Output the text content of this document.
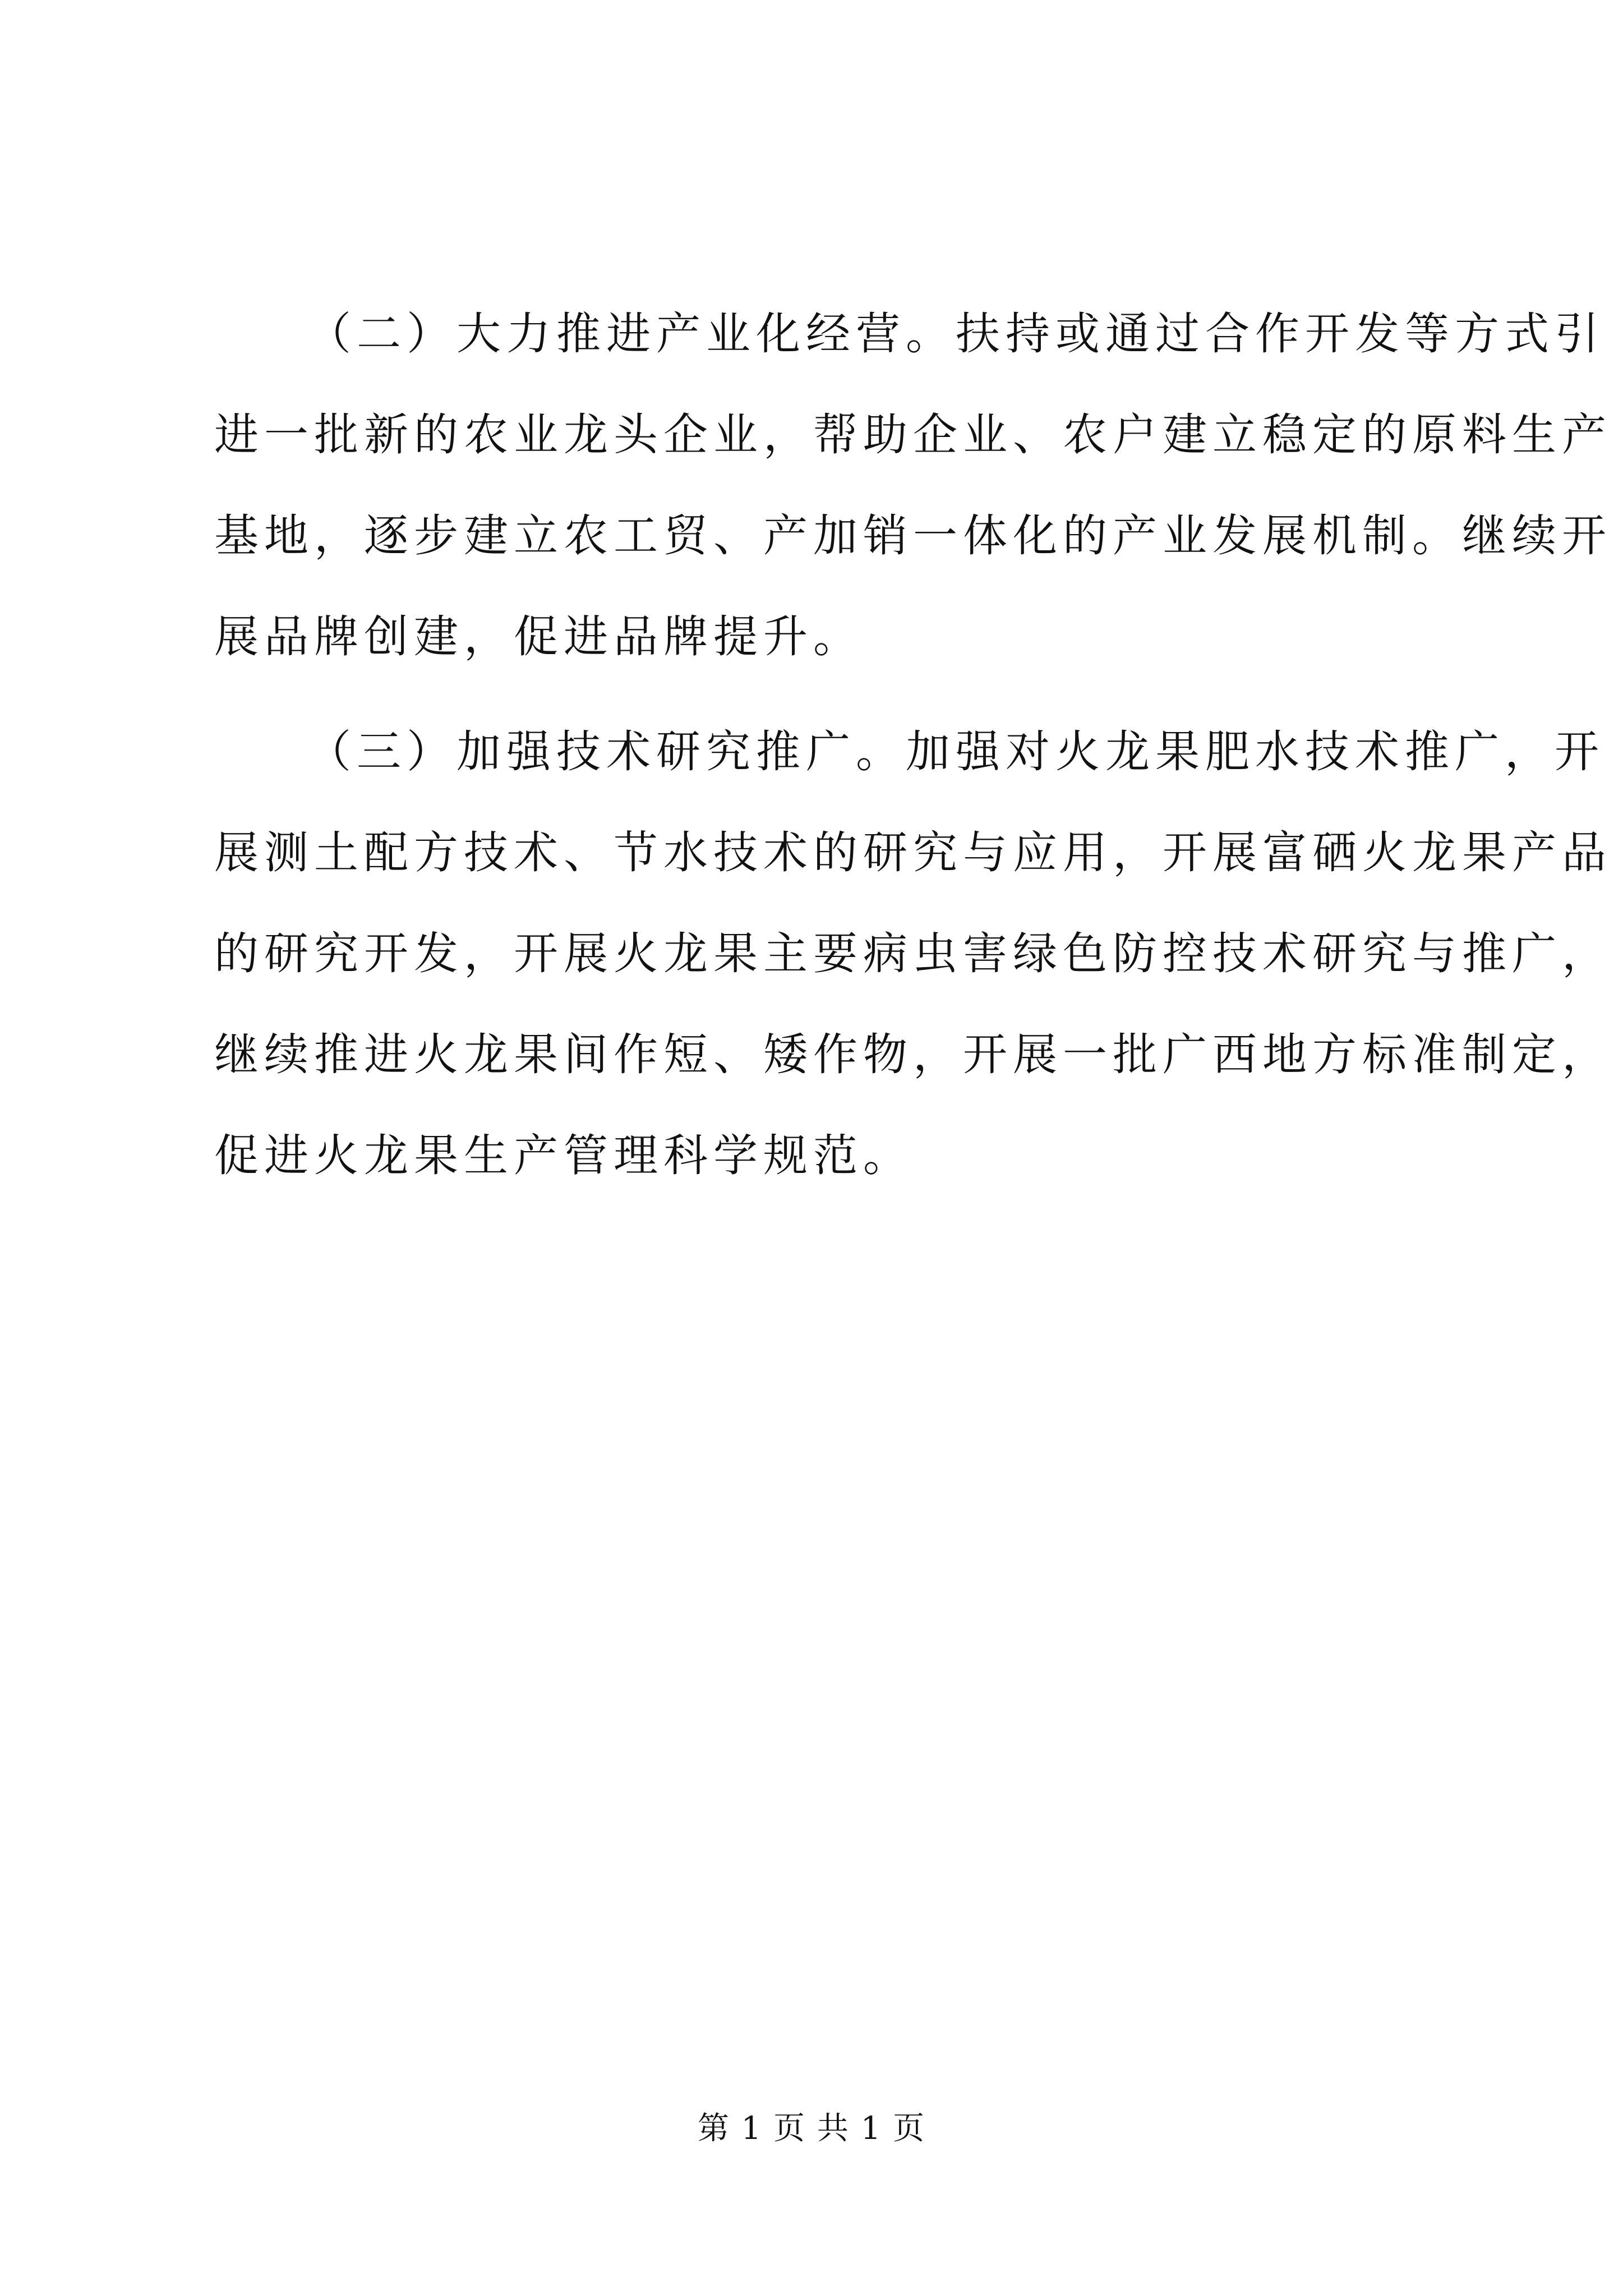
（二）大力推进产业化经营。扶持或通过合作开发等方式引
进一批新的农业龙头企业，帮助企业、农户建立稳定的原料生产
基地，逐步建立农工贸、产加销一体化的产业发展机制。继续开
展品牌创建，促进品牌提升。
（三）加强技术研究推广。加强对火龙果肥水技术推广，开
展测土配方技术、节水技术的研究与应用，开展富硒火龙果产品
的研究开发，开展火龙果主要病虫害绿色防控技术研究与推广，
继续推进火龙果间作短、矮作物，开展一批广西地方标准制定，
促进火龙果生产管理科学规范。
第 1 页 共 1 页
